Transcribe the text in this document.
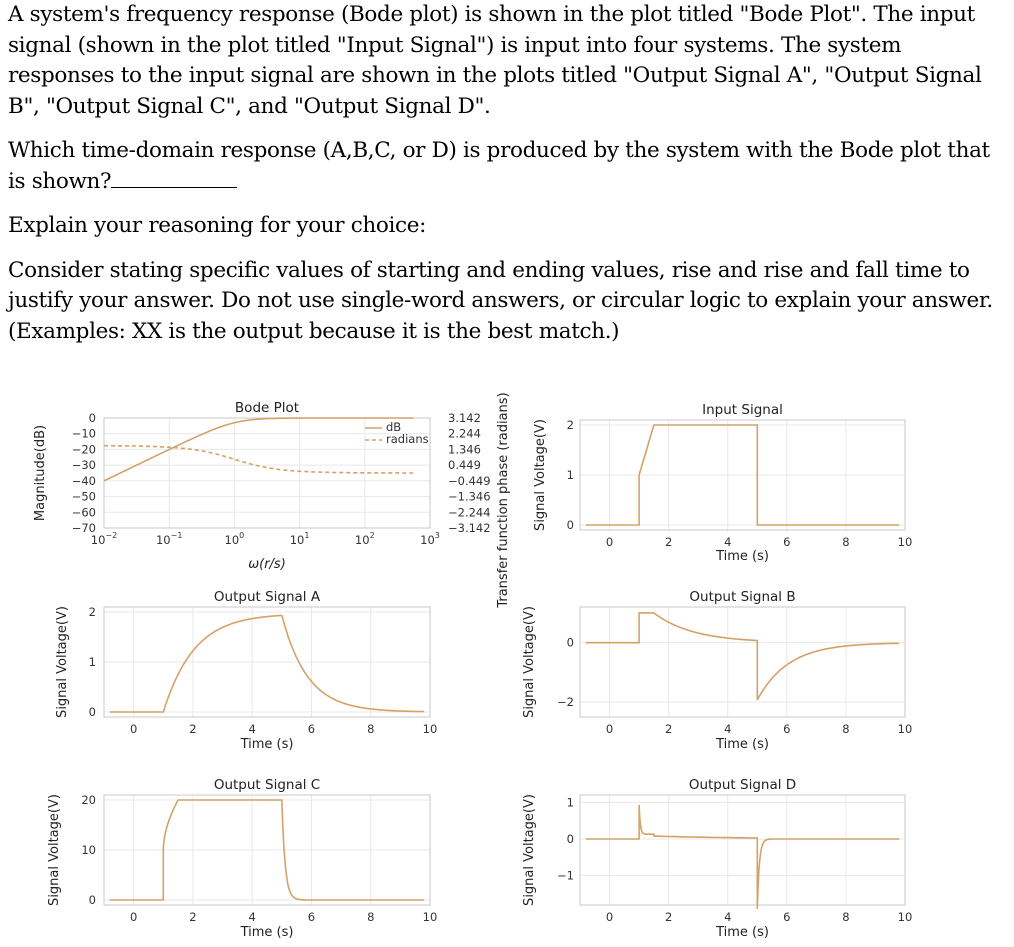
A system's frequency response (Bode plot) is shown in the plot titled "Bode Plot". The input signal (shown in the plot titled "Input Signal") is input into four systems. The system responses to the input signal are shown in the plots titled "Output Signal A", "Output Signal B", "Output Signal C", and "Output Signal D".

Which time-domain response (A,B,C, or D) is produced by the system with the Bode plot that is shown?

Explain your reasoning for your choice:

Consider stating specific values of starting and ending values, rise and rise and fall time to justify your answer. Do not use single-word answers, or circular logic to explain your answer. (Examples: XX is the output because it is the best match.)

Bode Plot
$10^{-2}$	$10^{-1}$	$10^0$	$10^1$	$10^2$	$10^3$
0
−10
−20
−30
−40
−50
−60
−70
ω(r/s)
Magnitude(dB)
3.142
2.244
1.346
0.449
−0.449
−1.346
−2.244
−3.142 Transfer function phase (radians)
dB
radians
Input Signal
0	2	4	6	8	10
0
1
2
Time (s)
Signal Voltage(V)
Output Signal A
0	2	4	6	8	10
0
1
2
Time (s)
Signal Voltage(V)
Output Signal B
0	2	4	6	8	10
0
−2
Time (s)
Signal Voltage(V)
Output Signal C
0	2	4	6	8	10
0
10
20
Time (s)
Signal Voltage(V)
Output Signal D
0	2	4	6	8	10
1
0
−1
Time (s)
Signal Voltage(V)
